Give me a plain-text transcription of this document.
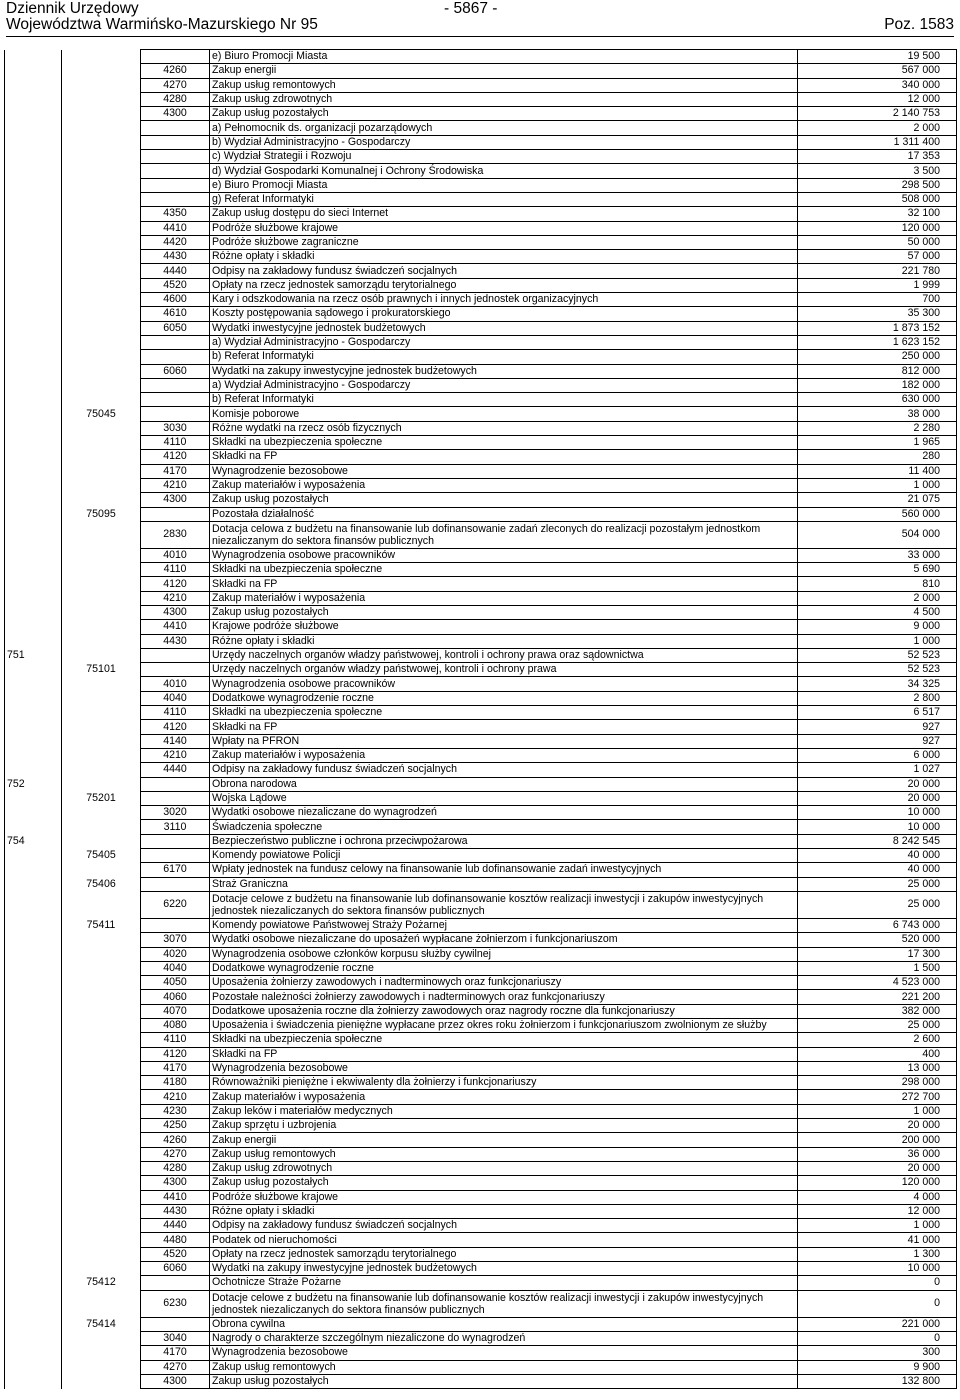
Dziennik Urzędowy
Województwa Warmińsko-Mazurskiego Nr 95
- 5867 -
Poz. 1583
			e) Biuro Promocji Miasta	19 500
		4260	Zakup energii	567 000
		4270	Zakup usług remontowych	340 000
		4280	Zakup usług zdrowotnych	12 000
		4300	Zakup usług pozostałych	2 140 753
			a) Pełnomocnik ds. organizacji pozarządowych	2 000
			b) Wydział Administracyjno - Gospodarczy	1 311 400
			c) Wydział Strategii i Rozwoju	17 353
			d) Wydział Gospodarki Komunalnej i Ochrony Środowiska	3 500
			e) Biuro Promocji Miasta	298 500
			g) Referat Informatyki	508 000
		4350	Zakup usług dostępu do sieci Internet	32 100
		4410	Podróże służbowe krajowe	120 000
		4420	Podróże służbowe zagraniczne	50 000
		4430	Różne opłaty i składki	57 000
		4440	Odpisy na zakładowy fundusz świadczeń socjalnych	221 780
		4520	Opłaty na rzecz jednostek samorządu terytorialnego	1 999
		4600	Kary i odszkodowania na rzecz osób prawnych i innych jednostek organizacyjnych	700
		4610	Koszty postępowania sądowego i prokuratorskiego	35 300
		6050	Wydatki inwestycyjne jednostek budżetowych	1 873 152
			a) Wydział Administracyjno - Gospodarczy	1 623 152
			b) Referat Informatyki	250 000
		6060	Wydatki na zakupy inwestycyjne jednostek budżetowych	812 000
			a) Wydział Administracyjno - Gospodarczy	182 000
			b) Referat Informatyki	630 000
	75045		Komisje poborowe	38 000
		3030	Różne wydatki na rzecz osób fizycznych	2 280
		4110	Składki na ubezpieczenia społeczne	1 965
		4120	Składki na FP	280
		4170	Wynagrodzenie bezosobowe	11 400
		4210	Zakup materiałów i wyposażenia	1 000
		4300	Zakup usług pozostałych	21 075
	75095		Pozostała działalność	560 000
		2830	Dotacja celowa z budżetu na finansowanie lub dofinansowanie zadań zleconych do realizacji pozostałym jednostkom niezaliczanym do sektora finansów publicznych	504 000
		4010	Wynagrodzenia osobowe pracowników	33 000
		4110	Składki na ubezpieczenia społeczne	5 690
		4120	Składki na FP	810
		4210	Zakup materiałów i wyposażenia	2 000
		4300	Zakup usług pozostałych	4 500
		4410	Krajowe podróże służbowe	9 000
		4430	Różne opłaty i składki	1 000
751			Urzędy naczelnych organów władzy państwowej, kontroli i ochrony prawa oraz sądownictwa	52 523
	75101		Urzędy naczelnych organów władzy państwowej, kontroli i ochrony prawa	52 523
		4010	Wynagrodzenia osobowe pracowników	34 325
		4040	Dodatkowe wynagrodzenie roczne	2 800
		4110	Składki na ubezpieczenia społeczne	6 517
		4120	Składki na FP	927
		4140	Wpłaty na PFRON	927
		4210	Zakup materiałów i wyposażenia	6 000
		4440	Odpisy na zakładowy fundusz świadczeń socjalnych	1 027
752			Obrona narodowa	20 000
	75201		Wojska Lądowe	20 000
		3020	Wydatki osobowe niezaliczane do wynagrodzeń	10 000
		3110	Świadczenia społeczne	10 000
754			Bezpieczeństwo publiczne i ochrona przeciwpożarowa	8 242 545
	75405		Komendy powiatowe Policji	40 000
		6170	Wpłaty jednostek na fundusz celowy na finansowanie lub dofinansowanie zadań inwestycyjnych	40 000
	75406		Straż Graniczna	25 000
		6220	Dotacje celowe z budżetu na finansowanie lub dofinansowanie kosztów realizacji inwestycji i zakupów inwestycyjnych jednostek niezaliczanych do sektora finansów publicznych	25 000
	75411		Komendy powiatowe Państwowej Straży Pożarnej	6 743 000
		3070	Wydatki osobowe niezaliczane do uposażeń wypłacane żołnierzom i funkcjonariuszom	520 000
		4020	Wynagrodzenia osobowe członków korpusu służby cywilnej	17 300
		4040	Dodatkowe wynagrodzenie roczne	1 500
		4050	Uposażenia żołnierzy zawodowych i nadterminowych oraz funkcjonariuszy	4 523 000
		4060	Pozostałe należności żołnierzy zawodowych i nadterminowych oraz funkcjonariuszy	221 200
		4070	Dodatkowe uposażenia roczne dla żołnierzy zawodowych oraz nagrody roczne dla funkcjonariuszy	382 000
		4080	Uposażenia i świadczenia pieniężne wypłacane przez okres roku żołnierzom i funkcjonariuszom zwolnionym ze służby	25 000
		4110	Składki na ubezpieczenia społeczne	2 600
		4120	Składki na FP	400
		4170	Wynagrodzenia bezosobowe	13 000
		4180	Równoważniki pieniężne i ekwiwalenty dla żołnierzy i funkcjonariuszy	298 000
		4210	Zakup materiałów i wyposażenia	272 700
		4230	Zakup leków i materiałów medycznych	1 000
		4250	Zakup sprzętu i uzbrojenia	20 000
		4260	Zakup energii	200 000
		4270	Zakup usług remontowych	36 000
		4280	Zakup usług zdrowotnych	20 000
		4300	Zakup usług pozostałych	120 000
		4410	Podróże służbowe krajowe	4 000
		4430	Różne opłaty i składki	12 000
		4440	Odpisy na zakładowy fundusz świadczeń socjalnych	1 000
		4480	Podatek od nieruchomości	41 000
		4520	Opłaty na rzecz jednostek samorządu terytorialnego	1 300
		6060	Wydatki na zakupy inwestycyjne jednostek budżetowych	10 000
	75412		Ochotnicze Straże Pożarne	0
		6230	Dotacje celowe z budżetu na finansowanie lub dofinansowanie kosztów realizacji inwestycji i zakupów inwestycyjnych jednostek niezaliczanych do sektora finansów publicznych	0
	75414		Obrona cywilna	221 000
		3040	Nagrody o charakterze szczególnym niezaliczone do wynagrodzeń	0
		4170	Wynagrodzenia bezosobowe	300
		4270	Zakup usług remontowych	9 900
		4300	Zakup usług pozostałych	132 800
